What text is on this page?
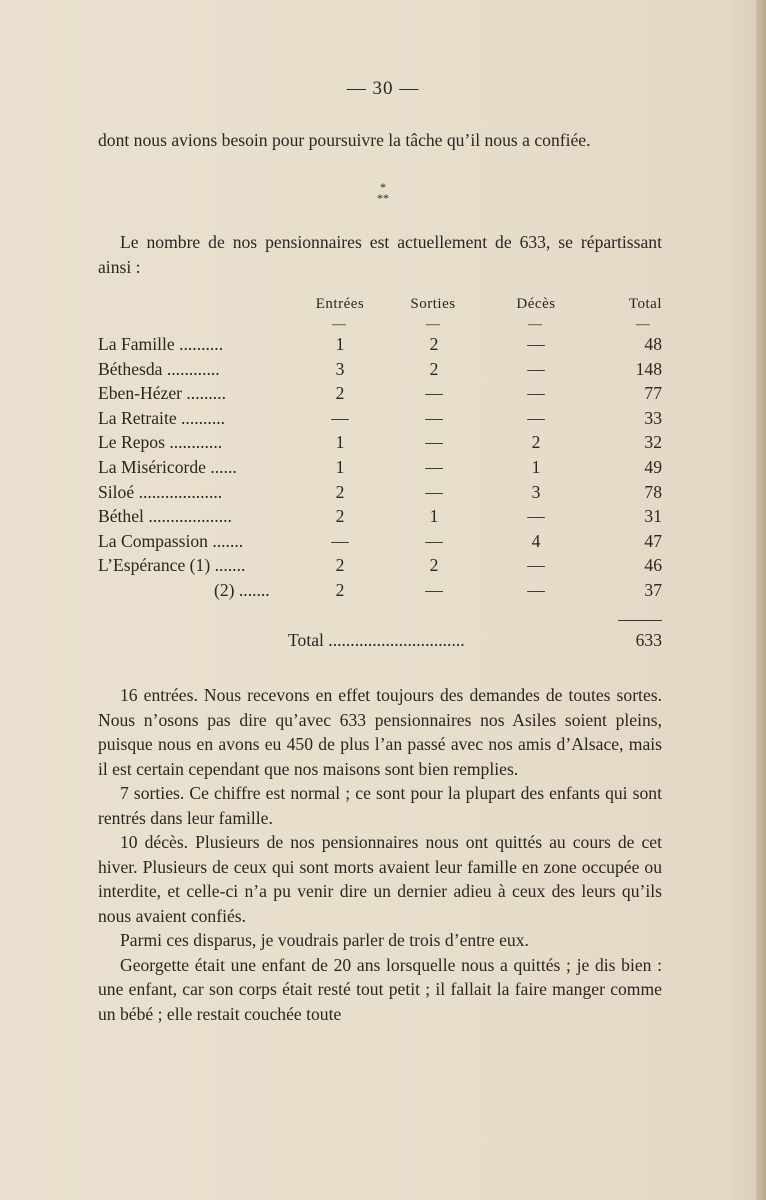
— 30 —
dont nous avions besoin pour poursuivre la tâche qu’il nous a confiée.
*
**
Le nombre de nos pensionnaires est actuellement de 633, se répartissant ainsi :
Entrées	Sorties	Décès	Total
—	—	—	—
La Famille ..........	1	2	—	48
Béthesda ............	3	2	—	148
Eben-Hézer .........	2	—	—	77
La Retraite ..........	—	—	—	33
Le Repos ............	1	—	2	32
La Miséricorde ......	1	—	1	49
Siloé ...................	2	—	3	78
Béthel ...................	2	1	—	31
La Compassion .......	—	—	4	47
L’Espérance (1) .......	2	2	—	46
(2) .......	2	—	—	37
Total ...............................	633

16 entrées. Nous recevons en effet toujours des demandes de toutes sortes. Nous n’osons pas dire qu’avec 633 pensionnaires nos Asiles soient pleins, puisque nous en avons eu 450 de plus l’an passé avec nos amis d’Alsace, mais il est certain cependant que nos maisons sont bien remplies.

7 sorties. Ce chiffre est normal ; ce sont pour la plupart des enfants qui sont rentrés dans leur famille.

10 décès. Plusieurs de nos pensionnaires nous ont quittés au cours de cet hiver. Plusieurs de ceux qui sont morts avaient leur famille en zone occupée ou interdite, et celle-ci n’a pu venir dire un dernier adieu à ceux des leurs qu’ils nous avaient confiés.

Parmi ces disparus, je voudrais parler de trois d’entre eux.

Georgette était une enfant de 20 ans lorsquelle nous a quittés ; je dis bien : une enfant, car son corps était resté tout petit ; il fallait la faire manger comme un bébé ; elle restait couchée toute
